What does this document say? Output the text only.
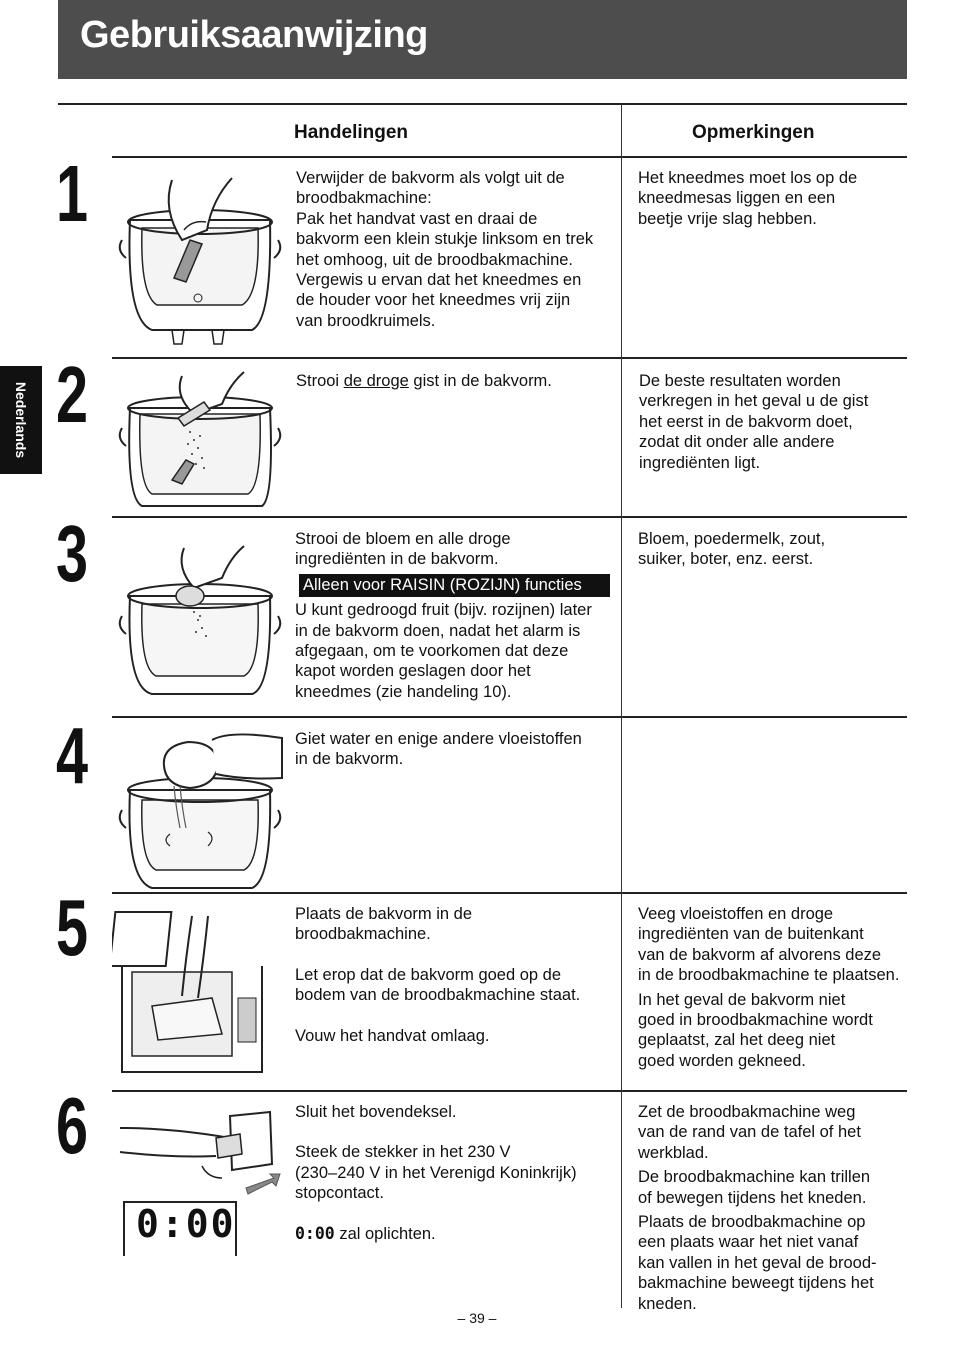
Gebruiksaanwijzing
Nederlands
Handelingen	Opmerkingen
1
2
3
4
5
6
0:00

Verwijder de bakvorm als volgt uit de

broodbakmachine:

Pak het handvat vast en draai de

bakvorm een klein stukje linksom en trek

het omhoog, uit de broodbakmachine.

Vergewis u ervan dat het kneedmes en

de houder voor het kneedmes vrij zijn

van broodkruimels.

Het kneedmes moet los op de

kneedmesas liggen en een

beetje vrije slag hebben.

Strooi de droge gist in de bakvorm.	De beste resultaten worden

verkregen in het geval u de gist

het eerst in de bakvorm doet,

zodat dit onder alle andere

ingrediënten ligt.

Strooi de bloem en alle droge

ingrediënten in de bakvorm.

Alleen voor RAISIN (ROZIJN) functies

U kunt gedroogd fruit (bijv. rozijnen) later

in de bakvorm doen, nadat het alarm is

afgegaan, om te voorkomen dat deze

kapot worden geslagen door het

kneedmes (zie handeling 10).

Bloem, poedermelk, zout,

suiker, boter, enz. eerst.

Giet water en enige andere vloeistoffen

in de bakvorm.

Plaats de bakvorm in de

broodbakmachine.

Let erop dat de bakvorm goed op de

bodem van de broodbakmachine staat.

Vouw het handvat omlaag.

Veeg vloeistoffen en droge

ingrediënten van de buitenkant

van de bakvorm af alvorens deze

in de broodbakmachine te plaatsen.

In het geval de bakvorm niet

goed in broodbakmachine wordt

geplaatst, zal het deeg niet

goed worden gekneed.

Sluit het bovendeksel.

Steek de stekker in het 230 V

(230–240 V in het Verenigd Koninkrijk)

stopcontact.

0:00 zal oplichten.

Zet de broodbakmachine weg

van de rand van de tafel of het

werkblad.

De broodbakmachine kan trillen

of bewegen tijdens het kneden.

Plaats de broodbakmachine op

een plaats waar het niet vanaf

kan vallen in het geval de brood-

bakmachine beweegt tijdens het

kneden.

– 39 –
